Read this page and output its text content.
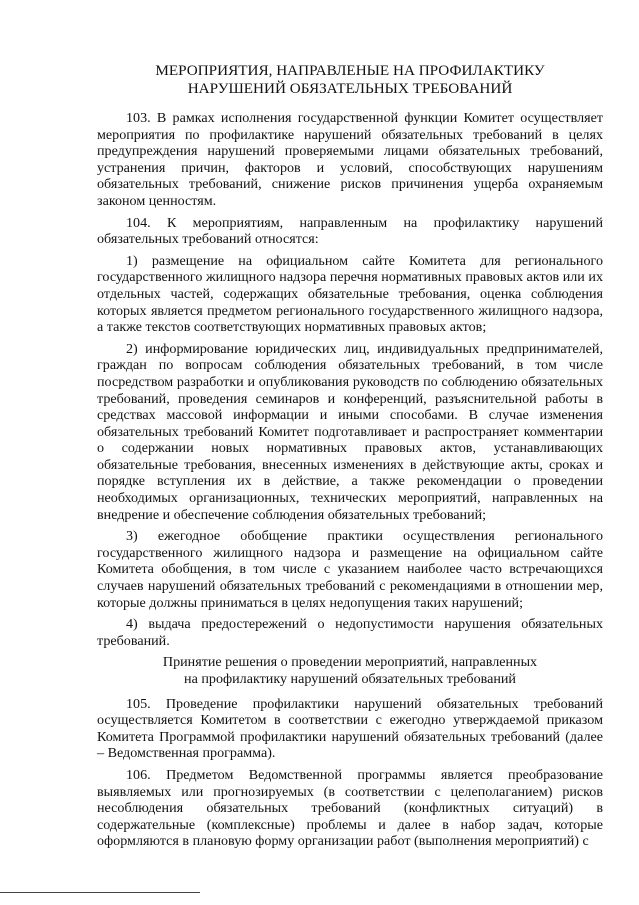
МЕРОПРИЯТИЯ, НАПРАВЛЕНЫЕ НА ПРОФИЛАКТИКУ
НАРУШЕНИЙ ОБЯЗАТЕЛЬНЫХ ТРЕБОВАНИЙ

103. В рамках исполнения государственной функции Комитет осуществляет мероприятия по профилактике нарушений обязательных требований в целях предупреждения нарушений проверяемыми лицами обязательных требований, устранения причин, факторов и условий, способствующих нарушениям обязательных требований, снижение рисков причинения ущерба охраняемым законом ценностям.

104. К мероприятиям, направленным на профилактику нарушений обязательных требований относятся:

1) размещение на официальном сайте Комитета для регионального государственного жилищного надзора перечня нормативных правовых актов или их отдельных частей, содержащих обязательные требования, оценка соблюдения которых является предметом регионального государственного жилищного надзора, а также текстов соответствующих нормативных правовых актов;

2) информирование юридических лиц, индивидуальных предпринимателей, граждан по вопросам соблюдения обязательных требований, в том числе посредством разработки и опубликования руководств по соблюдению обязательных требований, проведения семинаров и конференций, разъяснительной работы в средствах массовой информации и иными способами. В случае изменения обязательных требований Комитет подготавливает и распространяет комментарии о содержании новых нормативных правовых актов, устанавливающих обязательные требования, внесенных изменениях в действующие акты, сроках и порядке вступления их в действие, а также рекомендации о проведении необходимых организационных, технических мероприятий, направленных на внедрение и обеспечение соблюдения обязательных требований;

3) ежегодное обобщение практики осуществления регионального государственного жилищного надзора и размещение на официальном сайте Комитета обобщения, в том числе с указанием наиболее часто встречающихся случаев нарушений обязательных требований с рекомендациями в отношении мер, которые должны приниматься в целях недопущения таких нарушений;

4) выдача предостережений о недопустимости нарушения обязательных требований.

Принятие решения о проведении мероприятий, направленных
на профилактику нарушений обязательных требований

105. Проведение профилактики нарушений обязательных требований осуществляется Комитетом в соответствии с ежегодно утверждаемой приказом Комитета Программой профилактики нарушений обязательных требований (далее – Ведомственная программа).

106. Предметом Ведомственной программы является преобразование выявляемых или прогнозируемых (в соответствии с целеполаганием) рисков несоблюдения обязательных требований (конфликтных ситуаций) в содержательные (комплексные) проблемы и далее в набор задач, которые оформляются в плановую форму организации работ (выполнения мероприятий) с
